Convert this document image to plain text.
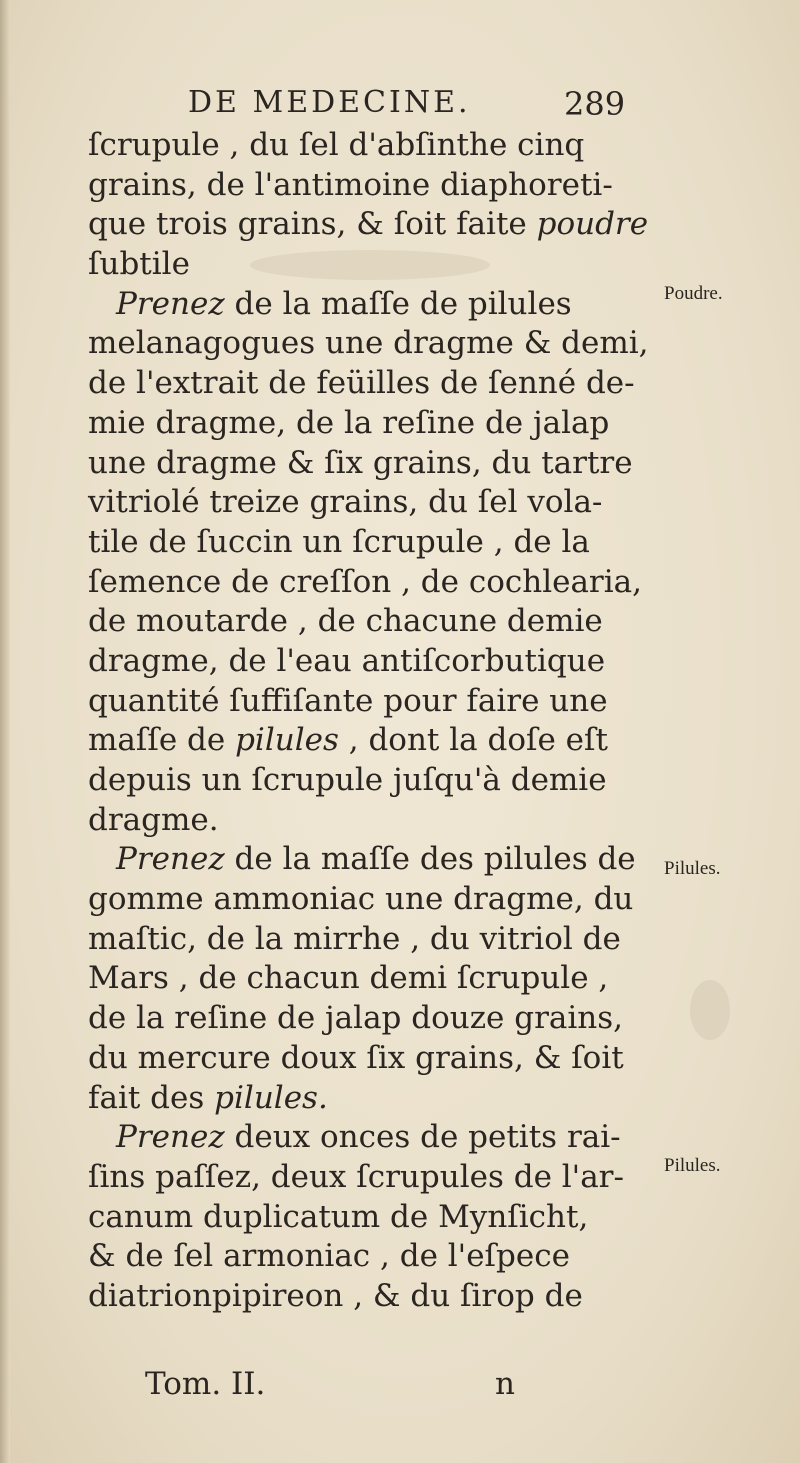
DE MEDECINE.	289
ſcrupule , du ſel d'abſinthe cinq
grains, de l'antimoine diaphoreti-
que trois grains, & ſoit faite poudre
ſubtile
Prenez de la maſſe de pilules
melanagogues une dragme & demi,
de l'extrait de feüilles de ſenné de-
mie dragme, de la reſine de jalap
une dragme & ſix grains, du tartre
vitriolé treize grains, du ſel vola-
tile de ſuccin un ſcrupule , de la
ſemence de creſſon , de cochlearia,
de moutarde , de chacune demie
dragme, de l'eau antiſcorbutique
quantité ſuffiſante pour faire une
maſſe de pilules , dont la doſe eſt
depuis un ſcrupule juſqu'à demie
dragme.
Prenez de la maſſe des pilules de
gomme ammoniac une dragme, du
maſtic, de la mirrhe , du vitriol de
Mars , de chacun demi ſcrupule ,
de la reſine de jalap douze grains,
du mercure doux ſix grains, & ſoit
fait des pilules.
Prenez deux onces de petits rai-
ſins paſſez, deux ſcrupules de l'ar-
canum duplicatum de Mynſicht,
& de ſel armoniac , de l'eſpece
diatrionpipireon , & du ſirop de
Poudre.
Pilules.
Pilules.
Tom. II.	n
